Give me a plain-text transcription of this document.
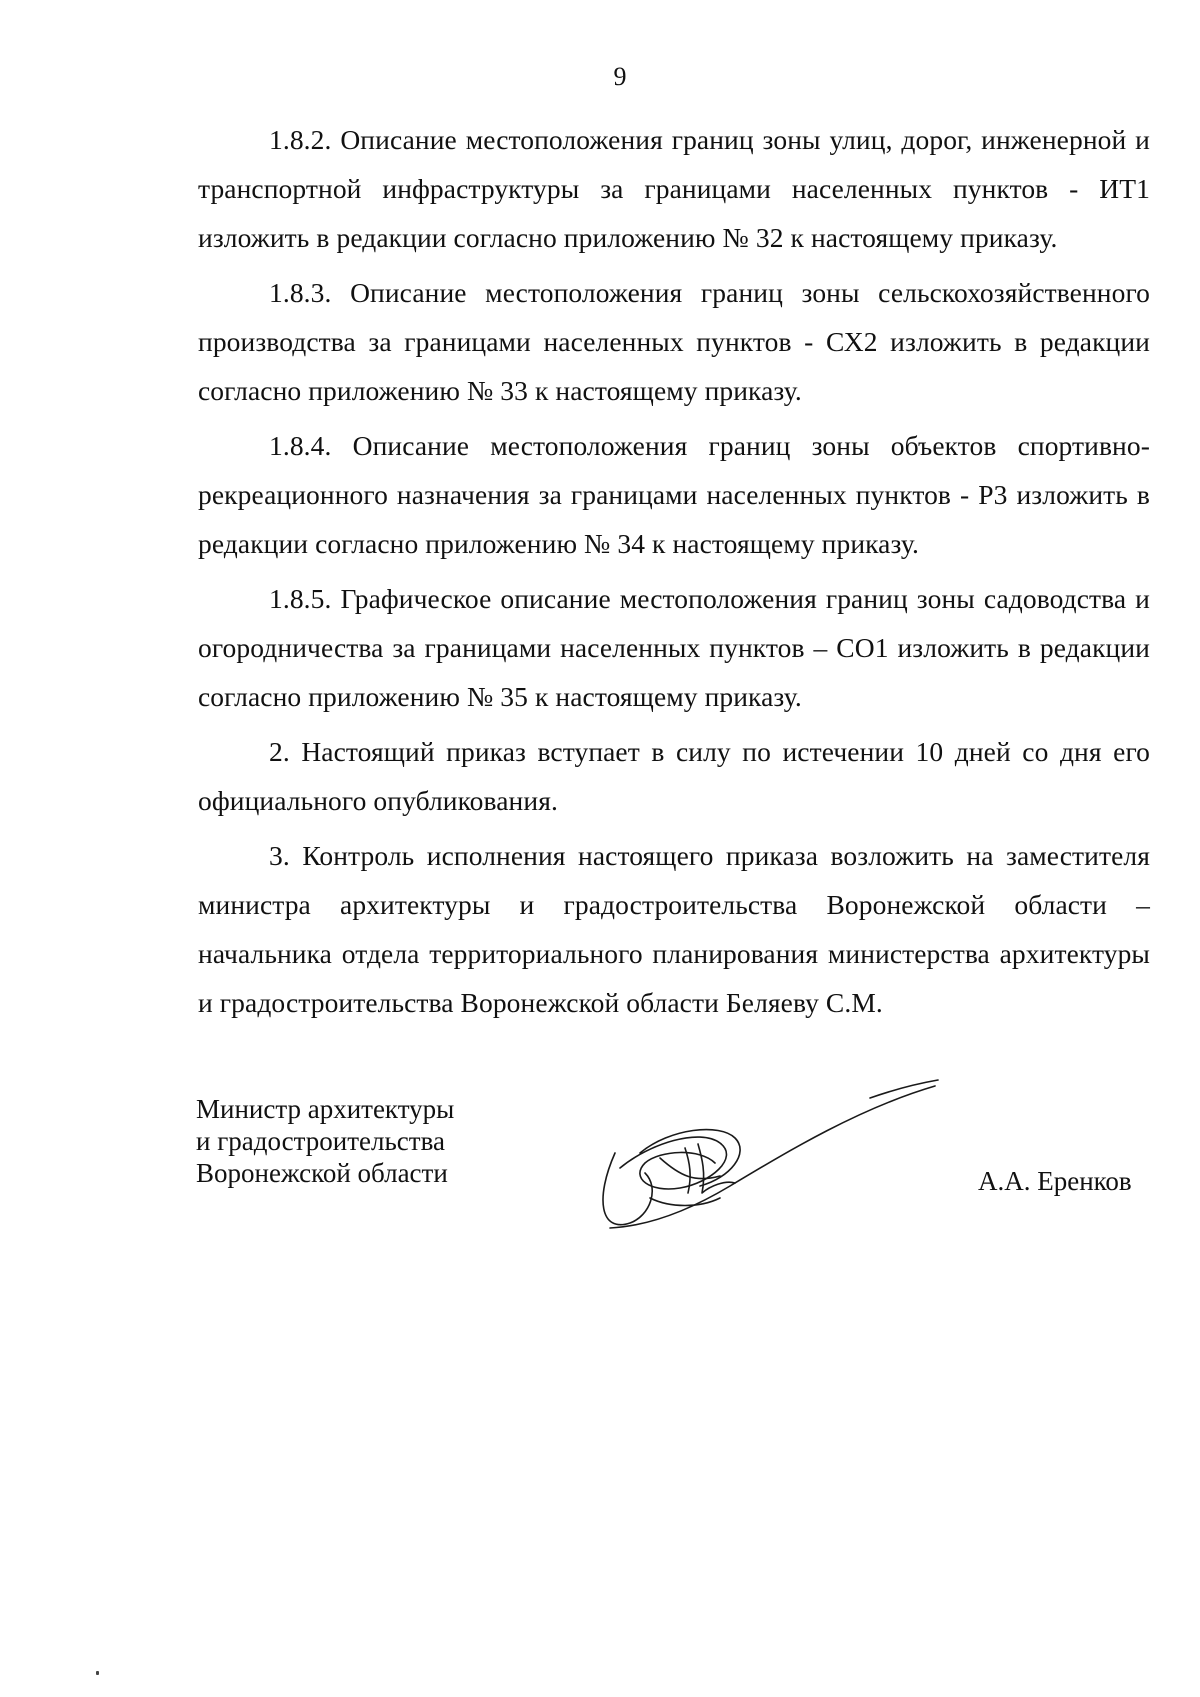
9

1.8.2. Описание местоположения границ зоны улиц, дорог, инженерной и транспортной инфраструктуры за границами населенных пунктов - ИТ1 изложить в редакции согласно приложению № 32 к настоящему приказу.

1.8.3. Описание местоположения границ зоны сельскохозяйственного производства за границами населенных пунктов - СХ2 изложить в редакции согласно приложению № 33 к настоящему приказу.

1.8.4. Описание местоположения границ зоны объектов спортивно-рекреационного назначения за границами населенных пунктов - Р3 изложить в редакции согласно приложению № 34 к настоящему приказу.

1.8.5. Графическое описание местоположения границ зоны садоводства и огородничества за границами населенных пунктов – СО1 изложить в редакции согласно приложению № 35 к настоящему приказу.

2. Настоящий приказ вступает в силу по истечении 10 дней со дня его официального опубликования.

3. Контроль исполнения настоящего приказа возложить на заместителя министра архитектуры и градостроительства Воронежской области – начальника отдела территориального планирования министерства архитектуры и градостроительства Воронежской области Беляеву С.М.

Министр архитектуры
и градостроительства
Воронежской области	А.А. Еренков
